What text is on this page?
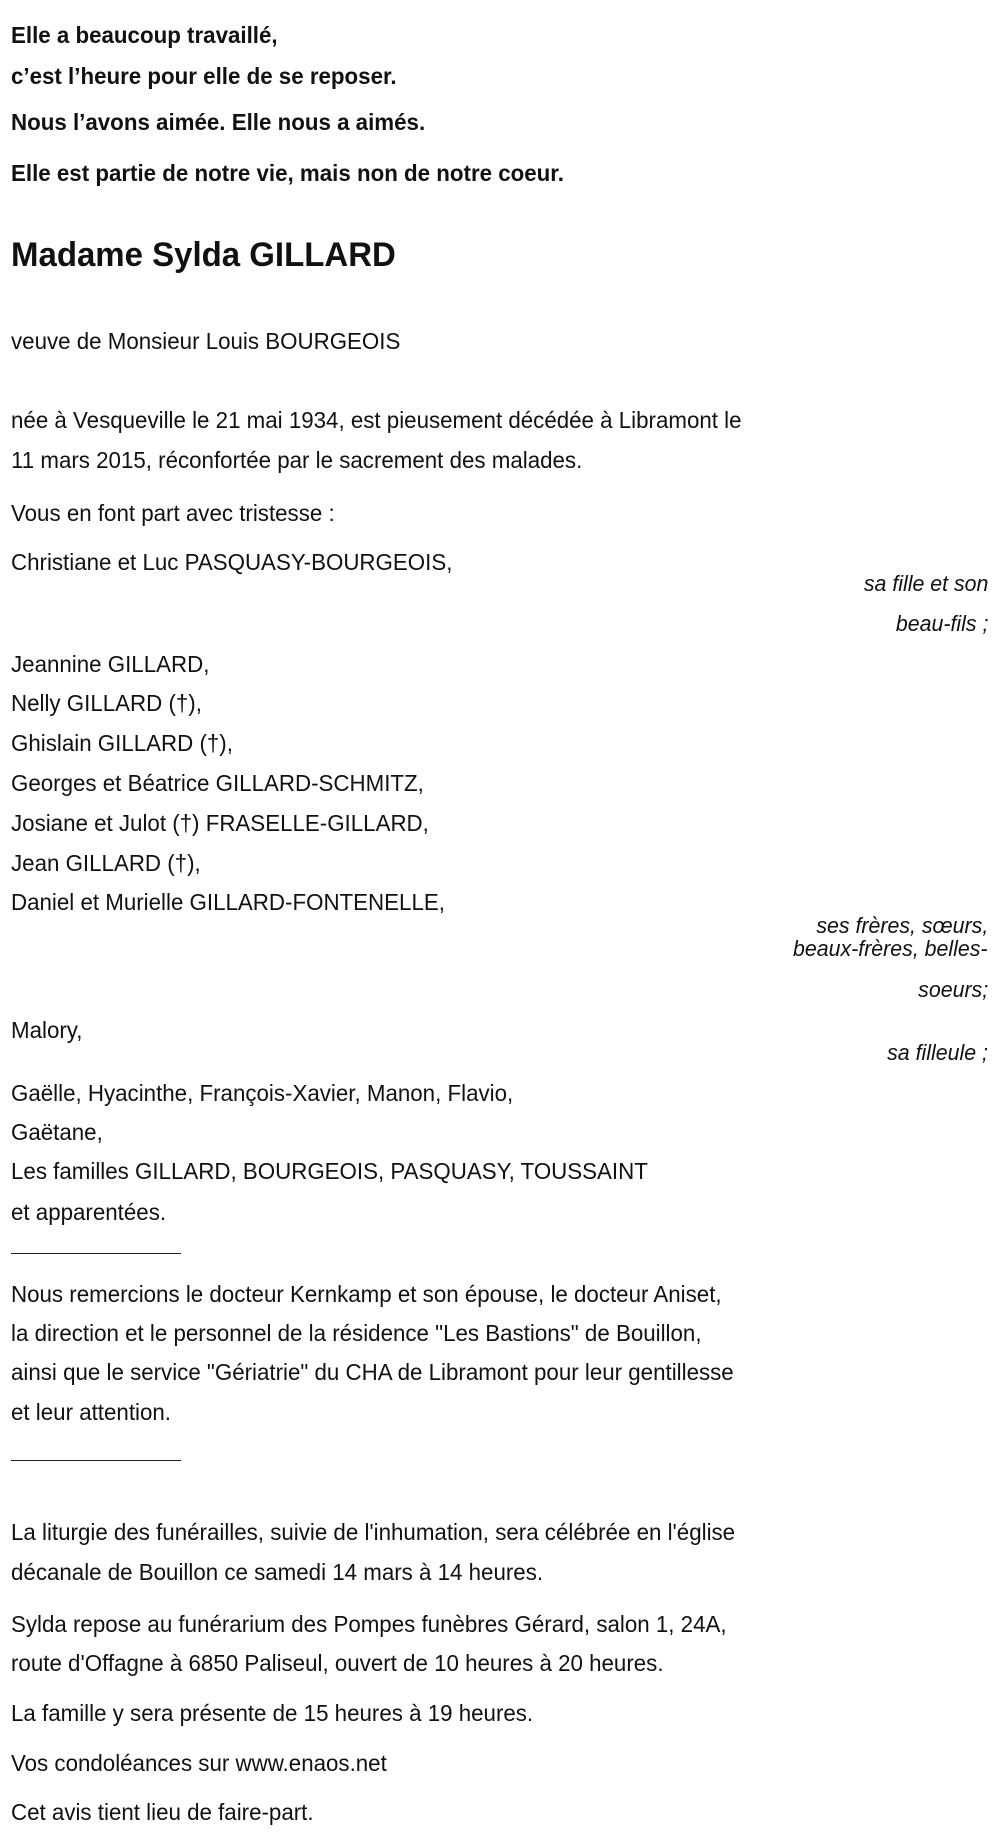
Elle a beaucoup travaillé,
c’est l’heure pour elle de se reposer.
Nous l’avons aimée. Elle nous a aimés.
Elle est partie de notre vie, mais non de notre coeur.
Madame Sylda GILLARD
veuve de Monsieur Louis BOURGEOIS
née à Vesqueville le 21 mai 1934, est pieusement décédée à Libramont le
11 mars 2015, réconfortée par le sacrement des malades.
Vous en font part avec tristesse :
Christiane et Luc PASQUASY-BOURGEOIS,
sa fille et son
beau-fils ;
Jeannine GILLARD,
Nelly GILLARD (†),
Ghislain GILLARD (†),
Georges et Béatrice GILLARD-SCHMITZ,
Josiane et Julot (†) FRASELLE-GILLARD,
Jean GILLARD (†),
Daniel et Murielle GILLARD-FONTENELLE,
ses frères, sœurs,
beaux-frères, belles-
soeurs;
Malory,
sa filleule ;
Gaëlle, Hyacinthe, François-Xavier, Manon, Flavio,
Gaëtane,
Les familles GILLARD, BOURGEOIS, PASQUASY, TOUSSAINT
et apparentées.
Nous remercions le docteur Kernkamp et son épouse, le docteur Aniset,
la direction et le personnel de la résidence "Les Bastions" de Bouillon,
ainsi que le service "Gériatrie" du CHA de Libramont pour leur gentillesse
et leur attention.
La liturgie des funérailles, suivie de l'inhumation, sera célébrée en l'église
décanale de Bouillon ce samedi 14 mars à 14 heures.
Sylda repose au funérarium des Pompes funèbres Gérard, salon 1, 24A,
route d'Offagne à 6850 Paliseul, ouvert de 10 heures à 20 heures.
La famille y sera présente de 15 heures à 19 heures.
Vos condoléances sur www.enaos.net
Cet avis tient lieu de faire-part.
